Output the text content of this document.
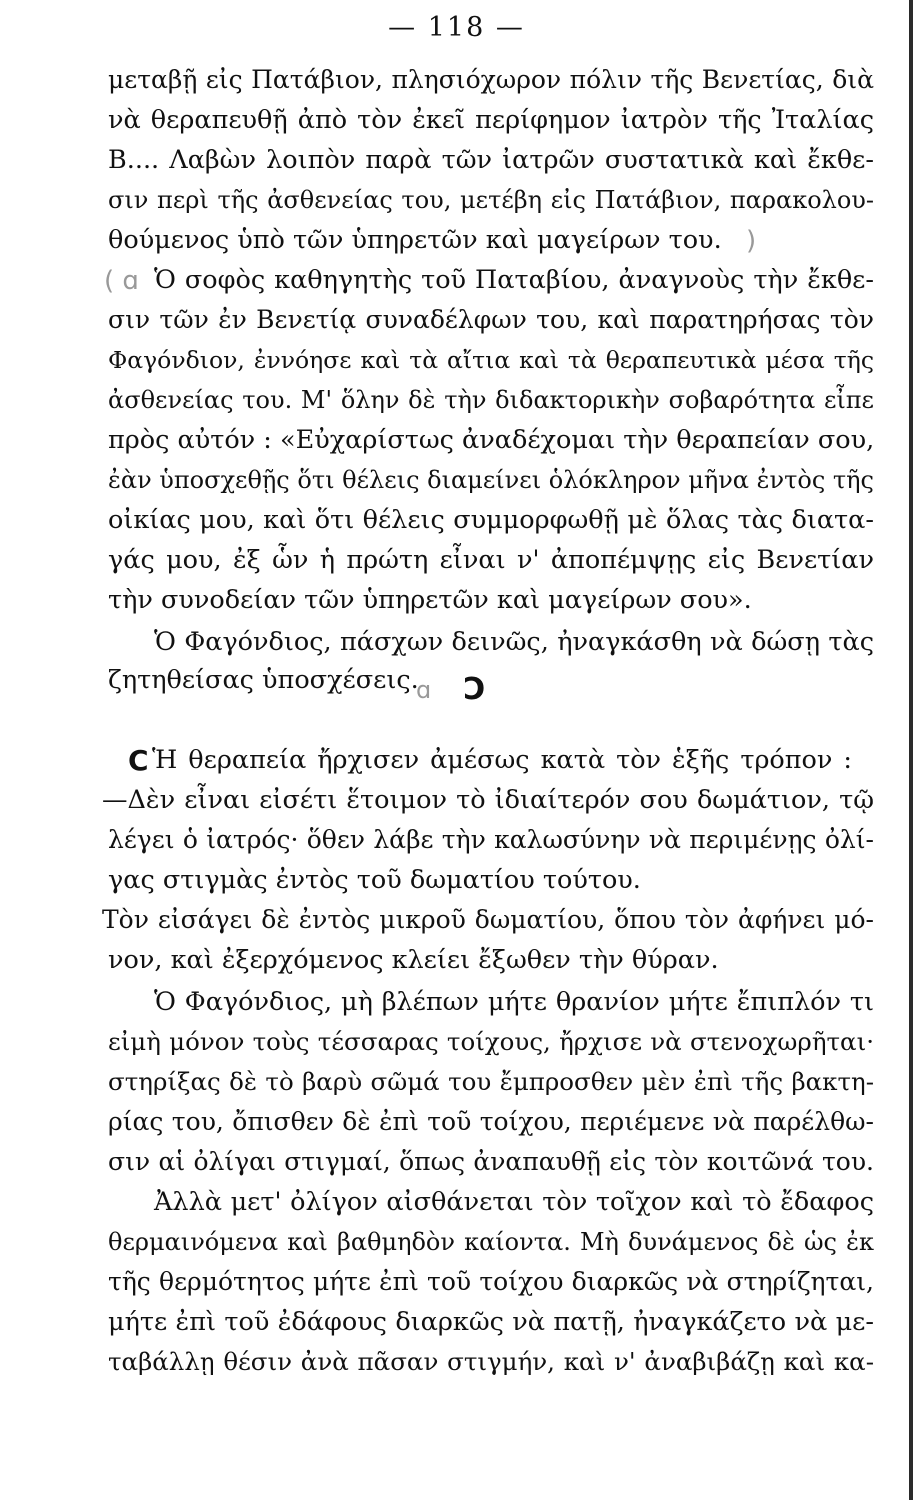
— 118 —
μεταβῇ εἰς Πατάβιον, πλησιόχωρον πόλιν τῆς Βενετίας, διὰ
νὰ θεραπευθῇ ἀπὸ τὸν ἐκεῖ περίφημον ἰατρὸν τῆς Ἰταλίας
Β.... Λαβὼν λοιπὸν παρὰ τῶν ἰατρῶν συστατικὰ καὶ ἔκθε-
σιν περὶ τῆς ἀσθενείας του, μετέβη εἰς Πατάβιον, παρακολου-
θούμενος ὑπὸ τῶν ὑπηρετῶν καὶ μαγείρων του. )
( ɑ Ὁ σοφὸς καθηγητὴς τοῦ Παταβίου, ἀναγνοὺς τὴν ἔκθε-
σιν τῶν ἐν Βενετίᾳ συναδέλφων του, καὶ παρατηρήσας τὸν
Φαγόνδιον, ἐννόησε καὶ τὰ αἴτια καὶ τὰ θεραπευτικὰ μέσα τῆς
ἀσθενείας του. Μ' ὅλην δὲ τὴν διδακτορικὴν σοβαρότητα εἶπε
πρὸς αὐτόν : «Εὐχαρίστως ἀναδέχομαι τὴν θεραπείαν σου,
ἐὰν ὑποσχεθῇς ὅτι θέλεις διαμείνει ὁλόκληρον μῆνα ἐντὸς τῆς
οἰκίας μου, καὶ ὅτι θέλεις συμμορφωθῇ μὲ ὅλας τὰς διατα-
γάς μου, ἐξ ὧν ἡ πρώτη εἶναι ν' ἀποπέμψῃς εἰς Βενετίαν
τὴν συνοδείαν τῶν ὑπηρετῶν καὶ μαγείρων σου».
Ὁ Φαγόνδιος, πάσχων δεινῶς, ἠναγκάσθη νὰ δώσῃ τὰς
ζητηθείσας ὑποσχέσεις.
ɑ Ͻ
C Ἡ θεραπεία ἤρχισεν ἀμέσως κατὰ τὸν ἑξῆς τρόπον :
—Δὲν εἶναι εἰσέτι ἕτοιμον τὸ ἰδιαίτερόν σου δωμάτιον, τῷ
λέγει ὁ ἰατρός· ὅθεν λάβε τὴν καλωσύνην νὰ περιμένῃς ὀλί-
γας στιγμὰς ἐντὸς τοῦ δωματίου τούτου.
Τὸν εἰσάγει δὲ ἐντὸς μικροῦ δωματίου, ὅπου τὸν ἀφήνει μό-
νον, καὶ ἐξερχόμενος κλείει ἔξωθεν τὴν θύραν.
Ὁ Φαγόνδιος, μὴ βλέπων μήτε θρανίον μήτε ἔπιπλόν τι
εἰμὴ μόνον τοὺς τέσσαρας τοίχους, ἤρχισε νὰ στενοχωρῆται·
στηρίξας δὲ τὸ βαρὺ σῶμά του ἔμπροσθεν μὲν ἐπὶ τῆς βακτη-
ρίας του, ὄπισθεν δὲ ἐπὶ τοῦ τοίχου, περιέμενε νὰ παρέλθω-
σιν αἱ ὀλίγαι στιγμαί, ὅπως ἀναπαυθῇ εἰς τὸν κοιτῶνά του.
Ἀλλὰ μετ' ὀλίγον αἰσθάνεται τὸν τοῖχον καὶ τὸ ἔδαφος
θερμαινόμενα καὶ βαθμηδὸν καίοντα. Μὴ δυνάμενος δὲ ὡς ἐκ
τῆς θερμότητος μήτε ἐπὶ τοῦ τοίχου διαρκῶς νὰ στηρίζηται,
μήτε ἐπὶ τοῦ ἐδάφους διαρκῶς νὰ πατῇ, ἠναγκάζετο νὰ με-
ταβάλλῃ θέσιν ἀνὰ πᾶσαν στιγμήν, καὶ ν' ἀναβιβάζῃ καὶ κα-
